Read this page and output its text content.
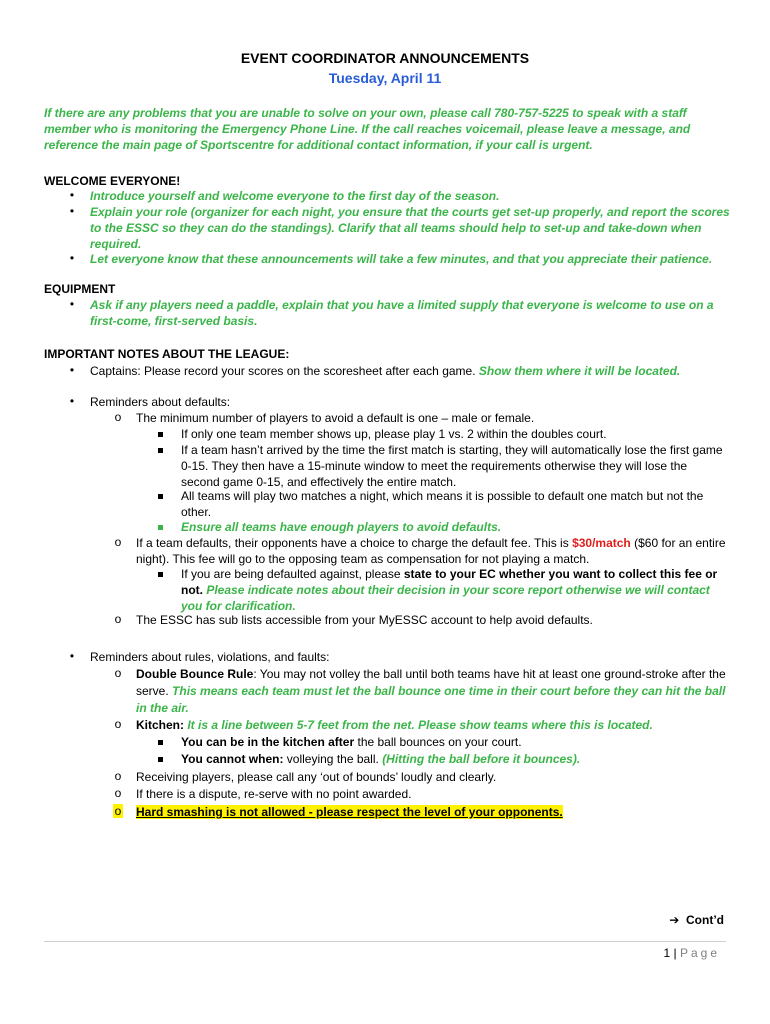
EVENT COORDINATOR ANNOUNCEMENTS
Tuesday, April 11
If there are any problems that you are unable to solve on your own, please call 780-757-5225 to speak with a staff member who is monitoring the Emergency Phone Line. If the call reaches voicemail, please leave a message, and reference the main page of Sportscentre for additional contact information, if your call is urgent.
WELCOME EVERYONE!
• Introduce yourself and welcome everyone to the first day of the season.
• Explain your role (organizer for each night, you ensure that the courts get set-up properly, and report the scores to the ESSC so they can do the standings). Clarify that all teams should help to set-up and take-down when required.
• Let everyone know that these announcements will take a few minutes, and that you appreciate their patience.
EQUIPMENT
• Ask if any players need a paddle, explain that you have a limited supply that everyone is welcome to use on a first-come, first-served basis.
IMPORTANT NOTES ABOUT THE LEAGUE:
• Captains: Please record your scores on the scoresheet after each game. Show them where it will be located.
• Reminders about defaults:
o The minimum number of players to avoid a default is one – male or female.
If only one team member shows up, please play 1 vs. 2 within the doubles court.
If a team hasn’t arrived by the time the first match is starting, they will automatically lose the first game 0-15. They then have a 15-minute window to meet the requirements otherwise they will lose the second game 0-15, and effectively the entire match.
All teams will play two matches a night, which means it is possible to default one match but not the other.
Ensure all teams have enough players to avoid defaults.
o If a team defaults, their opponents have a choice to charge the default fee. This is $30/match ($60 for an entire night). This fee will go to the opposing team as compensation for not playing a match.
If you are being defaulted against, please state to your EC whether you want to collect this fee or not. Please indicate notes about their decision in your score report otherwise we will contact you for clarification.
o The ESSC has sub lists accessible from your MyESSC account to help avoid defaults.
• Reminders about rules, violations, and faults:
o Double Bounce Rule: You may not volley the ball until both teams have hit at least one ground-stroke after the serve. This means each team must let the ball bounce one time in their court before they can hit the ball in the air.
o Kitchen: It is a line between 5-7 feet from the net. Please show teams where this is located.
You can be in the kitchen after the ball bounces on your court.
You cannot when: volleying the ball. (Hitting the ball before it bounces).
o Receiving players, please call any ‘out of bounds’ loudly and clearly.
o If there is a dispute, re-serve with no point awarded.
o Hard smashing is not allowed - please respect the level of your opponents.
➔ Cont’d
1 | Page
